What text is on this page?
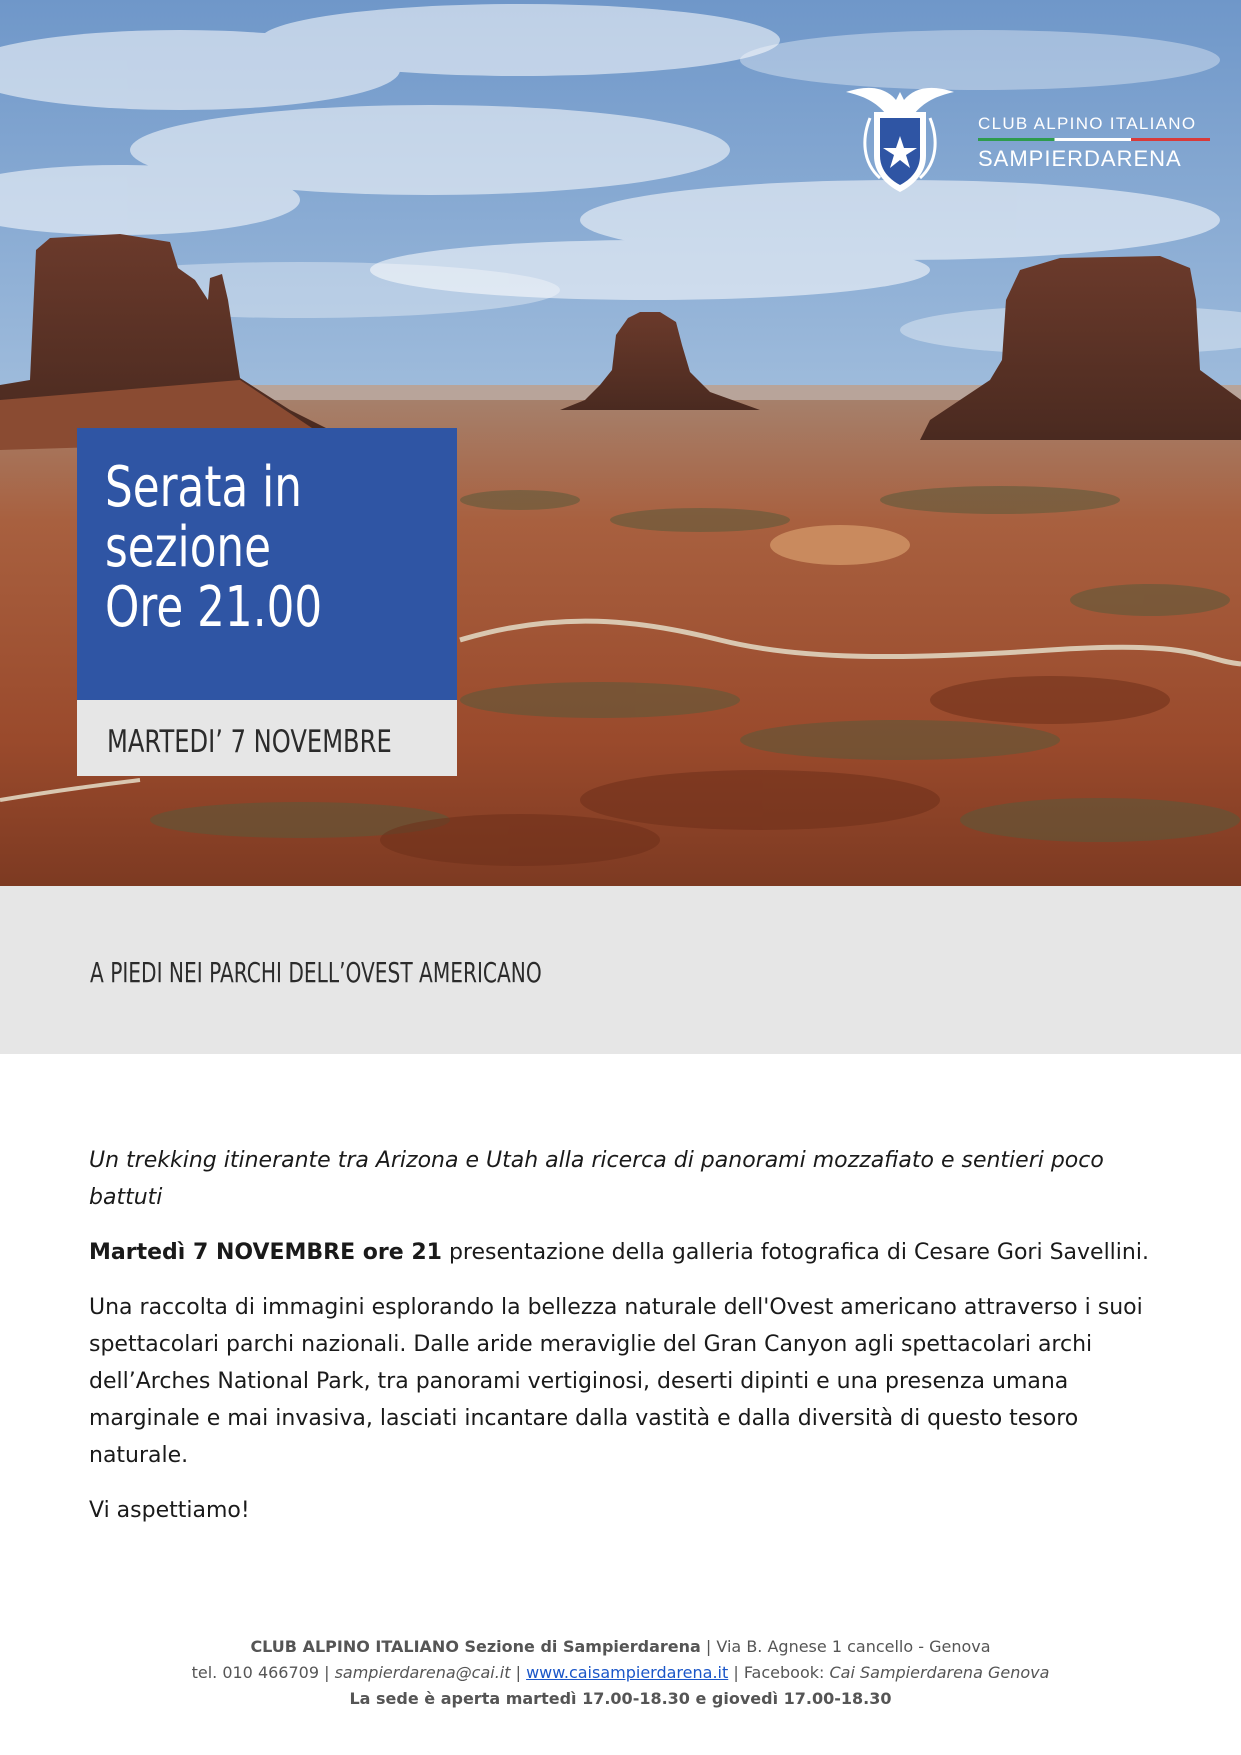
CLUB ALPINO ITALIANO
SAMPIERDARENA
Serata in
sezione
Ore 21.00
MARTEDI’ 7 NOVEMBRE
A PIEDI NEI PARCHI DELL’OVEST AMERICANO

Un trekking itinerante tra Arizona e Utah alla ricerca di panorami mozzafiato e sentieri poco battuti

Martedì 7 NOVEMBRE ore 21 presentazione della galleria fotografica di Cesare Gori Savellini.

Una raccolta di immagini esplorando la bellezza naturale dell'Ovest americano attraverso i suoi spettacolari parchi nazionali. Dalle aride meraviglie del Gran Canyon agli spettacolari archi dell’Arches National Park, tra panorami vertiginosi, deserti dipinti e una presenza umana marginale e mai invasiva, lasciati incantare dalla vastità e dalla diversità di questo tesoro naturale.

Vi aspettiamo!

CLUB ALPINO ITALIANO Sezione di Sampierdarena | Via B. Agnese 1 cancello - Genova
tel. 010 466709 | sampierdarena@cai.it | www.caisampierdarena.it | Facebook: Cai Sampierdarena Genova
La sede è aperta martedì 17.00-18.30 e giovedì 17.00-18.30
